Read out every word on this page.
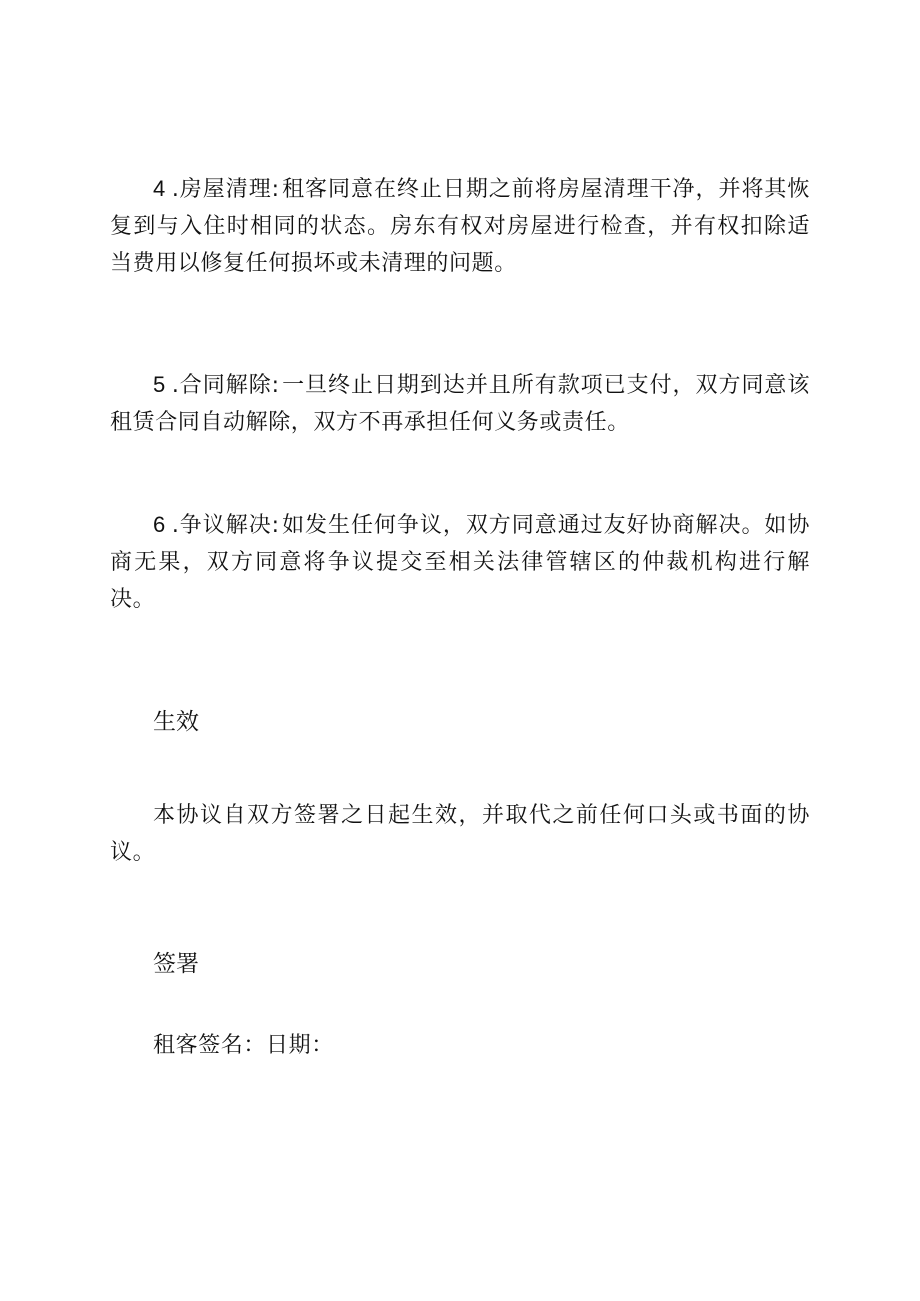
4 .房屋清理:租客同意在终止日期之前将房屋清理干净，并将其恢复到与入住时相同的状态。房东有权对房屋进行检查，并有权扣除适当费用以修复任何损坏或未清理的问题。

5 .合同解除:一旦终止日期到达并且所有款项已支付，双方同意该租赁合同自动解除，双方不再承担任何义务或责任。

6 .争议解决:如发生任何争议，双方同意通过友好协商解决。如协商无果，双方同意将争议提交至相关法律管辖区的仲裁机构进行解决。

生效

本协议自双方签署之日起生效，并取代之前任何口头或书面的协议。

签署

租客签名：日期：
